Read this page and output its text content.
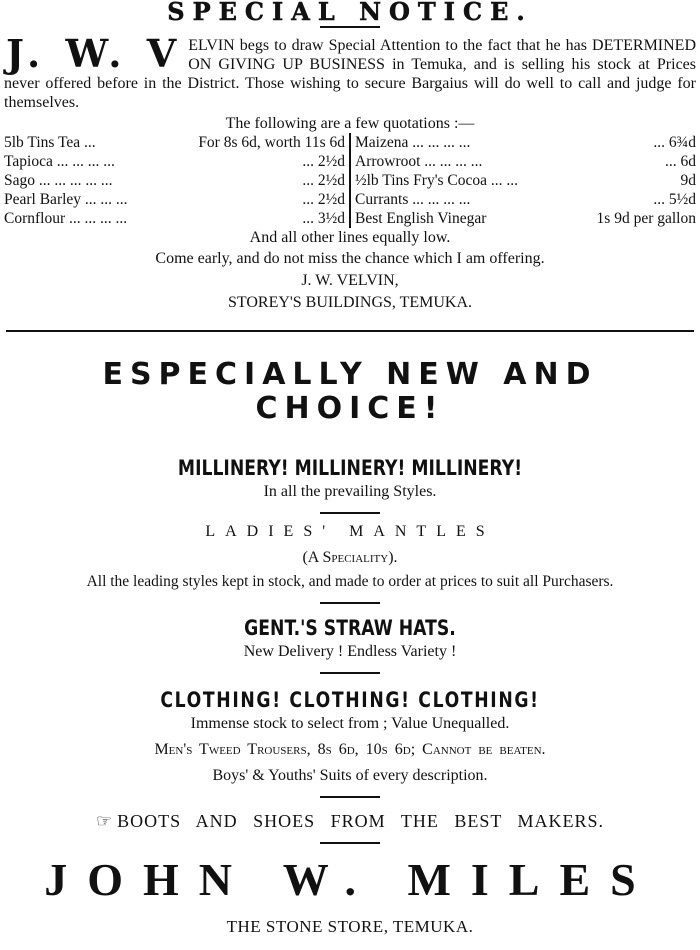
SPECIAL NOTICE.
J. W. V ELVIN begs to draw Special Attention to the fact that he has DETERMINED ON GIVING UP BUSINESS in Temuka, and is selling his stock at Prices never offered before in the District. Those wishing to secure Bargaius will do well to call and judge for themselves.

The following are a few quotations :—
5lb Tins Tea ...	For 8s 6d, worth 11s 6d
Tapioca ... ... ... ...	... 2½d
Sago ... ... ... ... ...	... 2½d
Pearl Barley ... ... ...	... 2½d
Cornflour ... ... ... ...	... 3½d
Maizena ... ... ... ...	... 6¾d
Arrowroot ... ... ... ...	... 6d
½lb Tins Fry's Cocoa ... ...	9d
Currants ... ... ... ...	... 5½d
Best English Vinegar	1s 9d per gallon
And all other lines equally low.
Come early, and do not miss the chance which I am offering.
J. W. VELVIN,
STOREY'S BUILDINGS, TEMUKA.
ESPECIALLY NEW AND CHOICE!
MILLINERY! MILLINERY! MILLINERY!
In all the prevailing Styles.
LADIES' MANTLES
(A Speciality).
All the leading styles kept in stock, and made to order at prices to suit all Purchasers.
GENT.'S STRAW HATS.
New Delivery ! Endless Variety !
CLOTHING! CLOTHING! CLOTHING!
Immense stock to select from ; Value Unequalled.
Men's Tweed Trousers, 8s 6d, 10s 6d; Cannot be beaten.
Boys' & Youths' Suits of every description.
☞ BOOTS AND SHOES FROM THE BEST MAKERS.
JOHN W. MILES
THE STONE STORE, TEMUKA.
